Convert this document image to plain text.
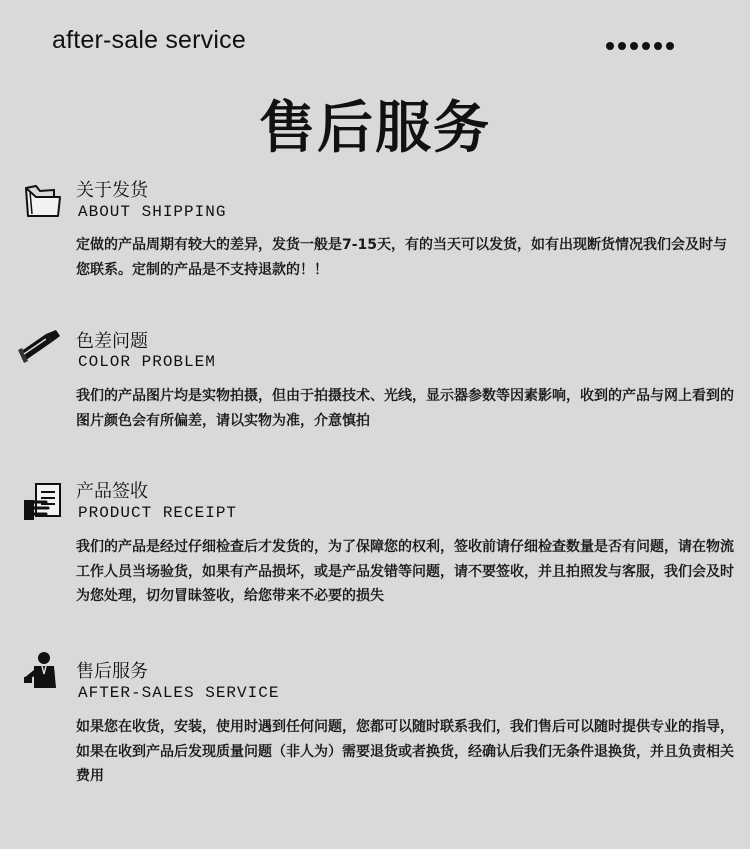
after-sale service
售后服务
关于发货
ABOUT SHIPPING
定做的产品周期有较大的差异，发货一般是7-15天，有的当天可以发货，如有出现断货情况我们会及时与您联系。定制的产品是不支持退款的！！
色差问题
COLOR PROBLEM
我们的产品图片均是实物拍摄，但由于拍摄技术、光线，显示器参数等因素影响，收到的产品与网上看到的图片颜色会有所偏差，请以实物为准，介意慎拍
产品签收
PRODUCT RECEIPT
我们的产品是经过仔细检查后才发货的，为了保障您的权利，签收前请仔细检查数量是否有问题，请在物流工作人员当场验货，如果有产品损坏，或是产品发错等问题，请不要签收，并且拍照发与客服，我们会及时为您处理，切勿冒昧签收，给您带来不必要的损失
售后服务
AFTER-SALES SERVICE
如果您在收货，安装，使用时遇到任何问题，您都可以随时联系我们，我们售后可以随时提供专业的指导，如果在收到产品后发现质量问题（非人为）需要退货或者换货，经确认后我们无条件退换货，并且负责相关费用
